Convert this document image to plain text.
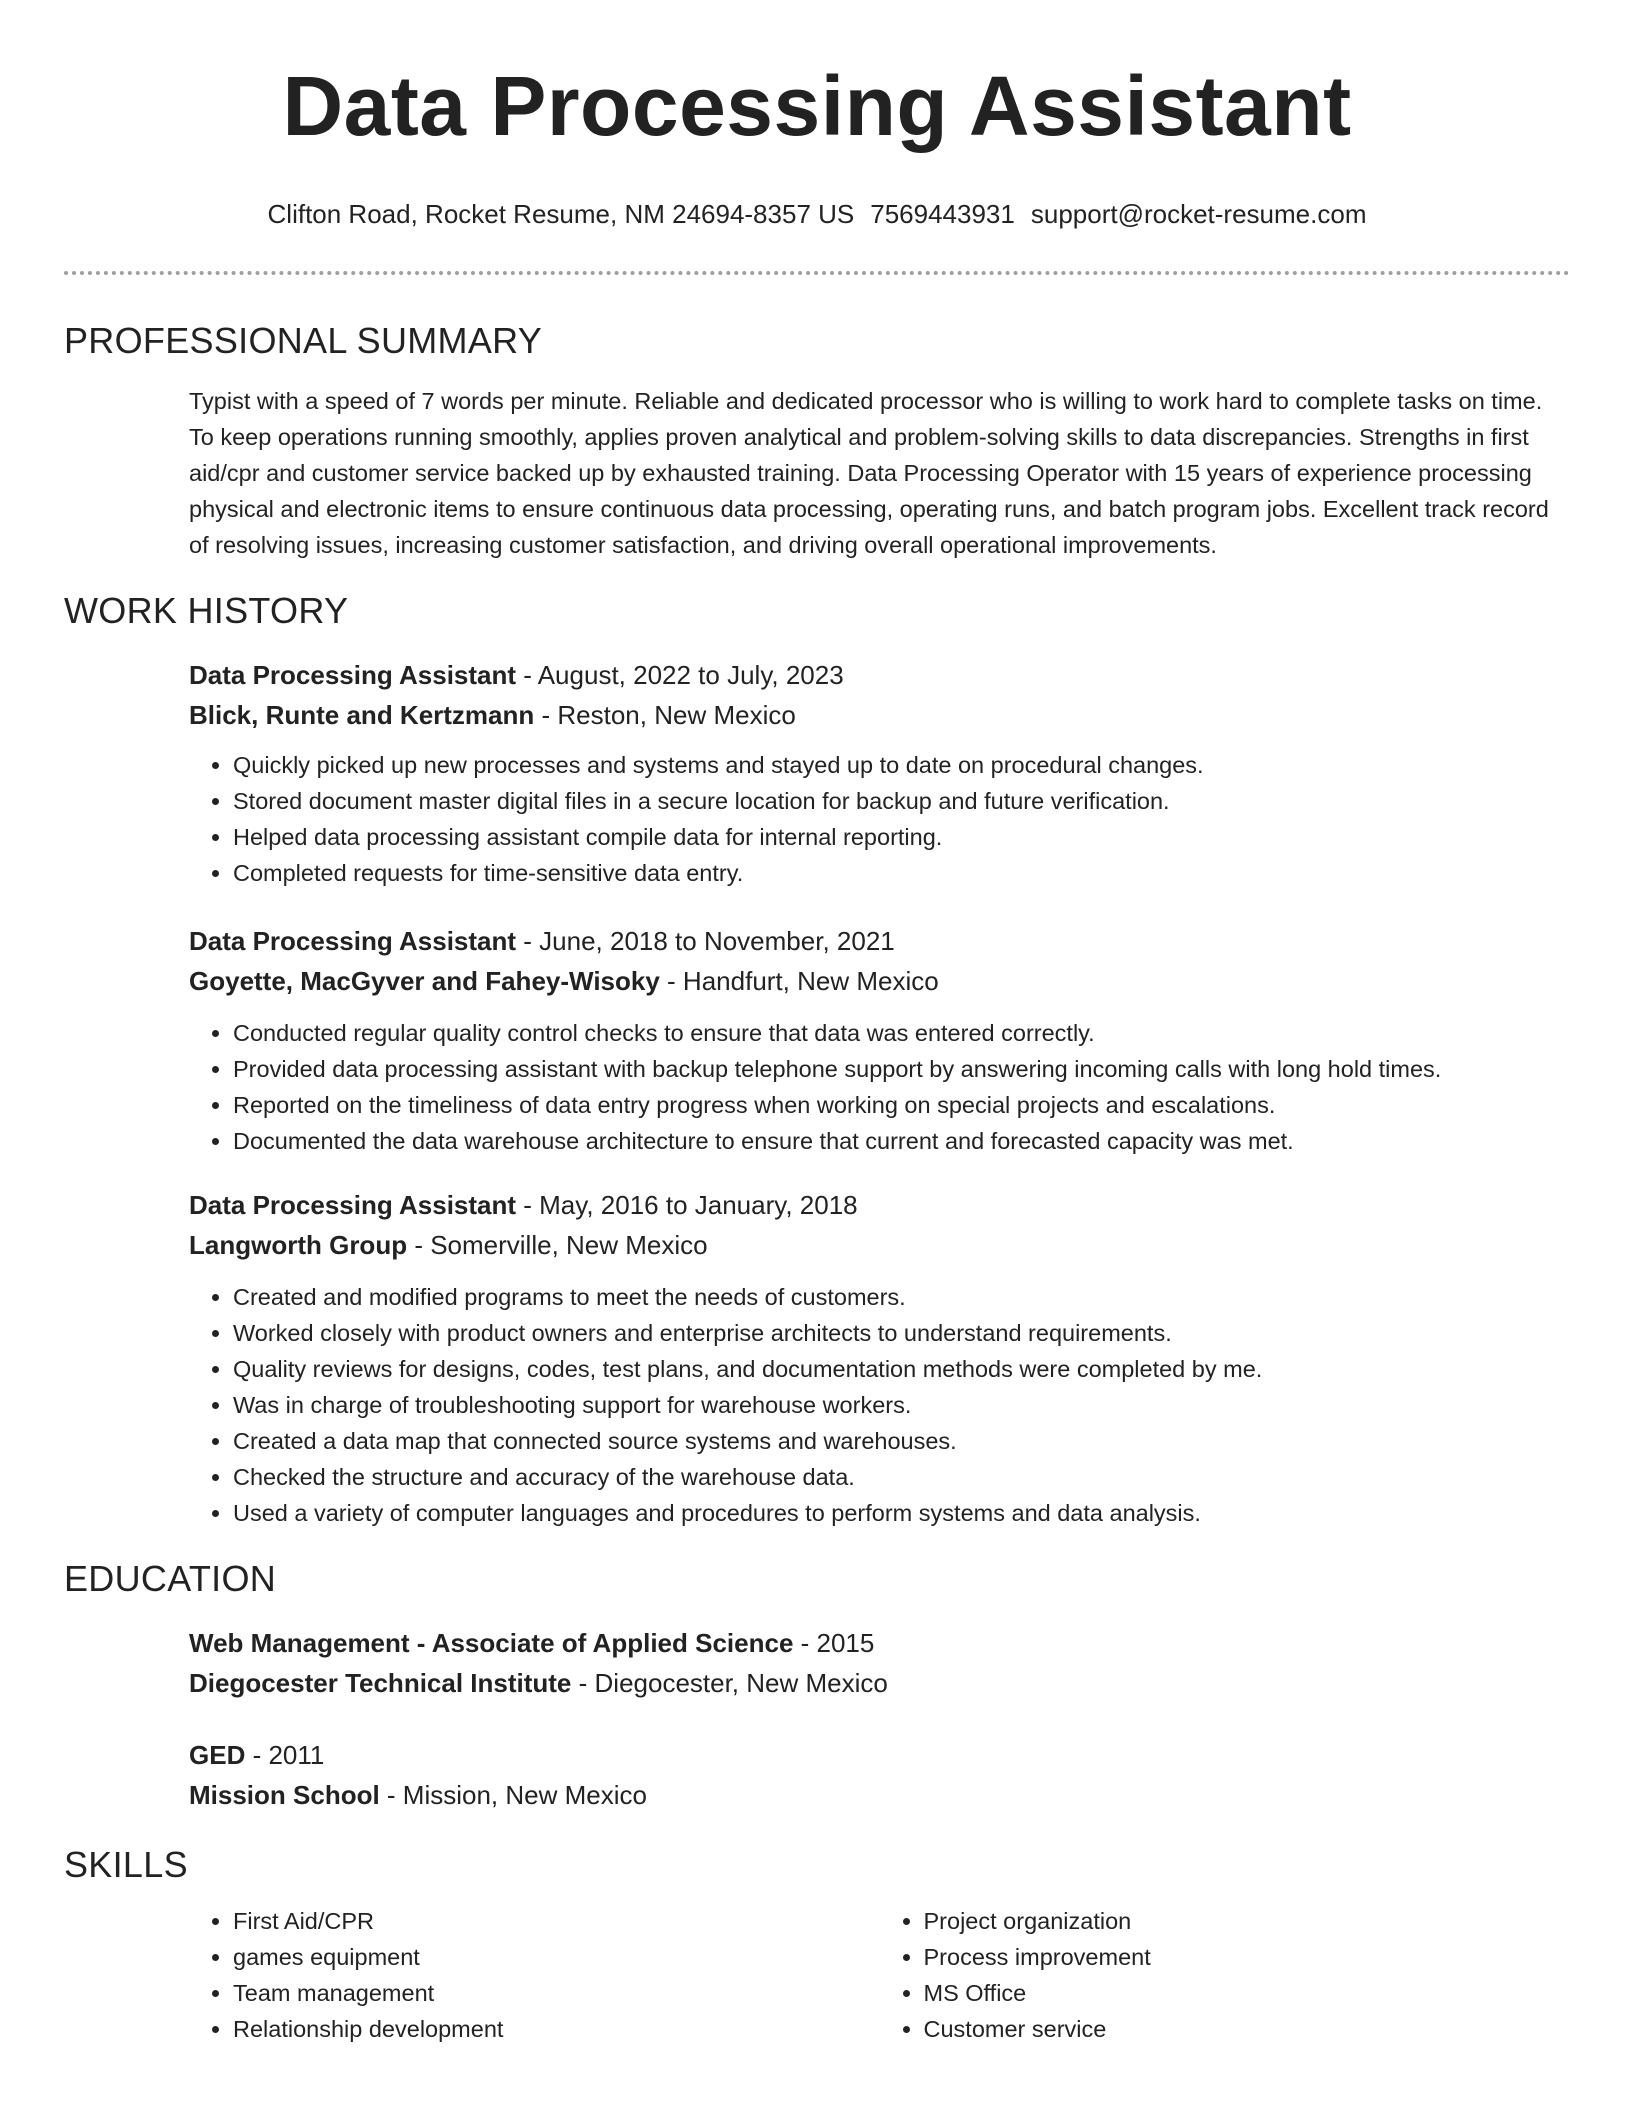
Data Processing Assistant
Clifton Road, Rocket Resume, NM 24694-8357 US 7569443931 support@rocket-resume.com
PROFESSIONAL SUMMARY
Typist with a speed of 7 words per minute. Reliable and dedicated processor who is willing to work hard to complete tasks on time. To keep operations running smoothly, applies proven analytical and problem-solving skills to data discrepancies. Strengths in first aid/cpr and customer service backed up by exhausted training. Data Processing Operator with 15 years of experience processing physical and electronic items to ensure continuous data processing, operating runs, and batch program jobs. Excellent track record of resolving issues, increasing customer satisfaction, and driving overall operational improvements.
WORK HISTORY
Data Processing Assistant - August, 2022 to July, 2023
Blick, Runte and Kertzmann - Reston, New Mexico
• Quickly picked up new processes and systems and stayed up to date on procedural changes.
• Stored document master digital files in a secure location for backup and future verification.
• Helped data processing assistant compile data for internal reporting.
• Completed requests for time-sensitive data entry.
Data Processing Assistant - June, 2018 to November, 2021
Goyette, MacGyver and Fahey-Wisoky - Handfurt, New Mexico
• Conducted regular quality control checks to ensure that data was entered correctly.
• Provided data processing assistant with backup telephone support by answering incoming calls with long hold times.
• Reported on the timeliness of data entry progress when working on special projects and escalations.
• Documented the data warehouse architecture to ensure that current and forecasted capacity was met.
Data Processing Assistant - May, 2016 to January, 2018
Langworth Group - Somerville, New Mexico
• Created and modified programs to meet the needs of customers.
• Worked closely with product owners and enterprise architects to understand requirements.
• Quality reviews for designs, codes, test plans, and documentation methods were completed by me.
• Was in charge of troubleshooting support for warehouse workers.
• Created a data map that connected source systems and warehouses.
• Checked the structure and accuracy of the warehouse data.
• Used a variety of computer languages and procedures to perform systems and data analysis.
EDUCATION
Web Management - Associate of Applied Science - 2015
Diegocester Technical Institute - Diegocester, New Mexico
GED - 2011
Mission School - Mission, New Mexico
SKILLS
• First Aid/CPR
• games equipment
• Team management
• Relationship development
• Project organization
• Process improvement
• MS Office
• Customer service
